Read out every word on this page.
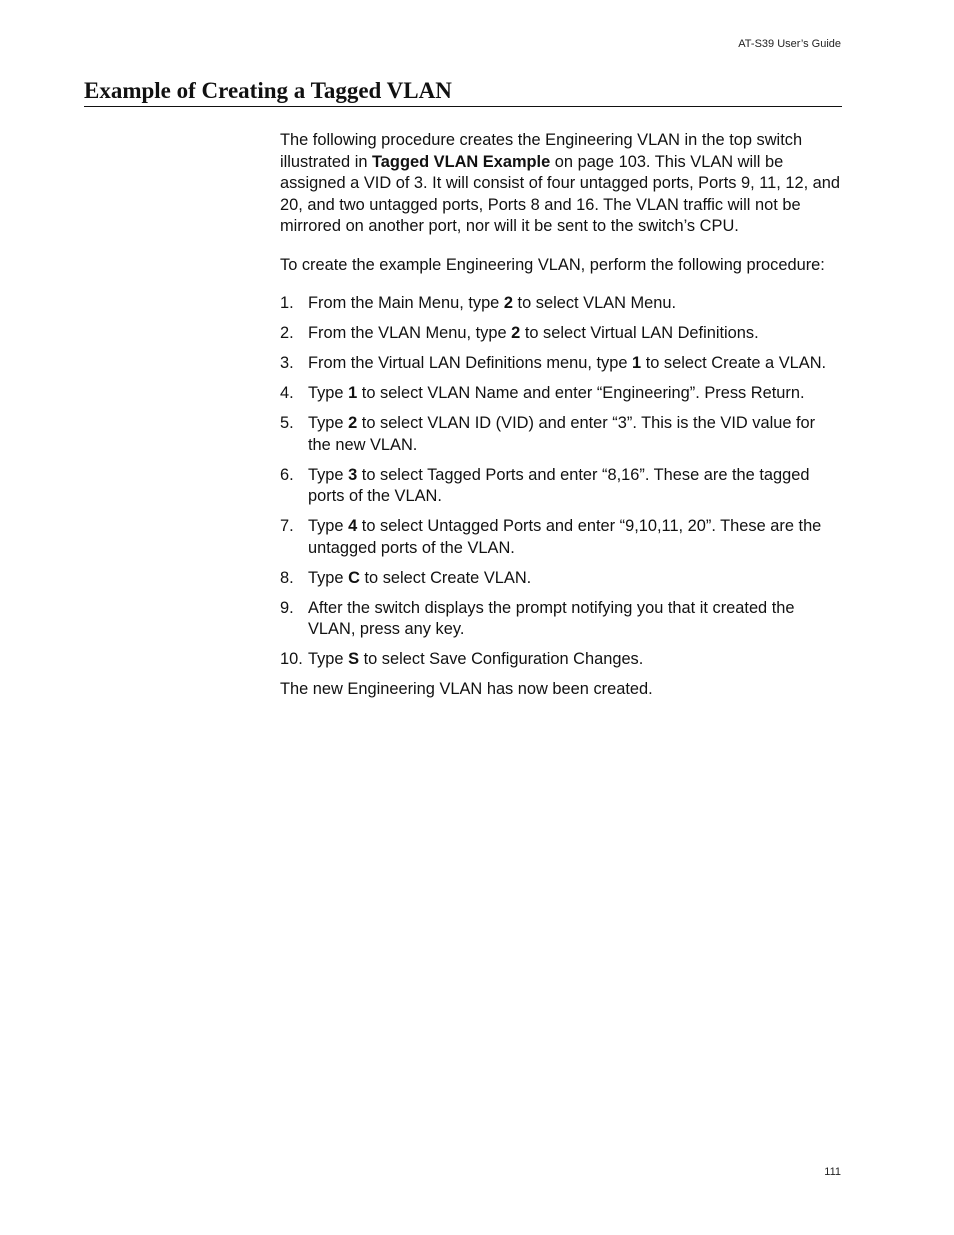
AT-S39 User’s Guide
Example of Creating a Tagged VLAN

The following procedure creates the Engineering VLAN in the top switch illustrated in Tagged VLAN Example on page 103. This VLAN will be assigned a VID of 3. It will consist of four untagged ports, Ports 9, 11, 12, and 20, and two untagged ports, Ports 8 and 16. The VLAN traffic will not be mirrored on another port, nor will it be sent to the switch’s CPU.

To create the example Engineering VLAN, perform the following procedure:

1. From the Main Menu, type 2 to select VLAN Menu.
2. From the VLAN Menu, type 2 to select Virtual LAN Definitions.
3. From the Virtual LAN Definitions menu, type 1 to select Create a VLAN.
4. Type 1 to select VLAN Name and enter “Engineering”. Press Return.
5. Type 2 to select VLAN ID (VID) and enter “3”. This is the VID value for the new VLAN.
6. Type 3 to select Tagged Ports and enter “8,16”. These are the tagged ports of the VLAN.
7. Type 4 to select Untagged Ports and enter “9,10,11, 20”. These are the untagged ports of the VLAN.
8. Type C to select Create VLAN.
9. After the switch displays the prompt notifying you that it created the VLAN, press any key.
10. Type S to select Save Configuration Changes.

The new Engineering VLAN has now been created.

111
